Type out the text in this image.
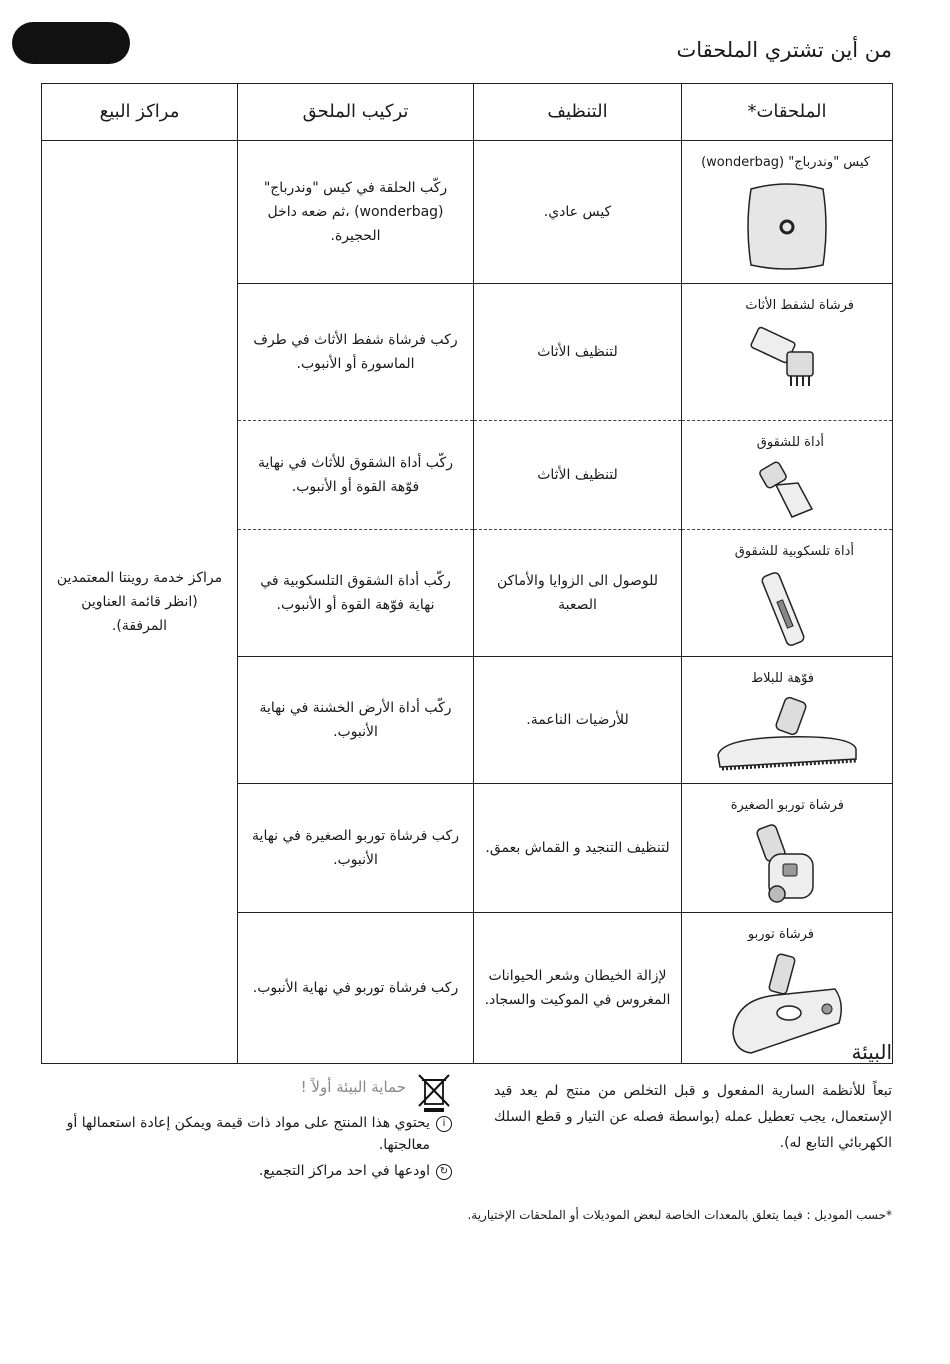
من أين تشتري الملحقات
الملحقات*	التنظيف	تركيب الملحق	مراكز البيع

كيس "وندرباج" (wonderbag)	كيس عادي.	ركّب الحلقة في كيس "وندرباج" (wonderbag) ،ثم ضعه داخل الحجيرة.	مراكز خدمة روينتا المعتمدين (انظر قائمة العناوين المرفقة).

فرشاة لشفط الأثاث	لتنظيف الأثاث	ركب فرشاة شفط الأثاث في طرف الماسورة أو الأنبوب.	

أداة للشقوق	لتنظيف الأثاث	ركّب أداة الشقوق للأثاث في نهاية فوّهة القوة أو الأنبوب.	

أداة تلسكوبية للشقوق	للوصول الى الزوايا والأماكن الصعبة	ركّب أداة الشقوق التلسكوبية في نهاية فوّهة القوة أو الأنبوب.	

فوّهة للبلاط	للأرضيات الناعمة.	ركّب أداة الأرض الخشنة في نهاية الأنبوب.	

فرشاة توربو الصغيرة	لتنظيف التنجيد و القماش بعمق.	ركب فرشاة توربو الصغيرة في نهاية الأنبوب.	

فرشاة توربو	لإزالة الخيطان وشعر الحيوانات المغروس في الموكيت والسجاد.	ركب فرشاة توربو في نهاية الأنبوب.	
البيئة
تبعاً للأنظمة السارية المفعول و قبل التخلص من منتج لم يعد قيد الإستعمال، يجب تعطيل عمله (بواسطة فصله عن التيار و قطع السلك الكهربائي التابع له).
حماية البيئة أولاً !
i
يحتوي هذا المنتج على مواد ذات قيمة ويمكن إعادة استعمالها أو معالجتها.
↻
اودعها في احد مراكز التجميع.
*حسب الموديل : فيما يتعلق بالمعدات الخاصة لبعض الموديلات أو الملحقات الإختيارية.
